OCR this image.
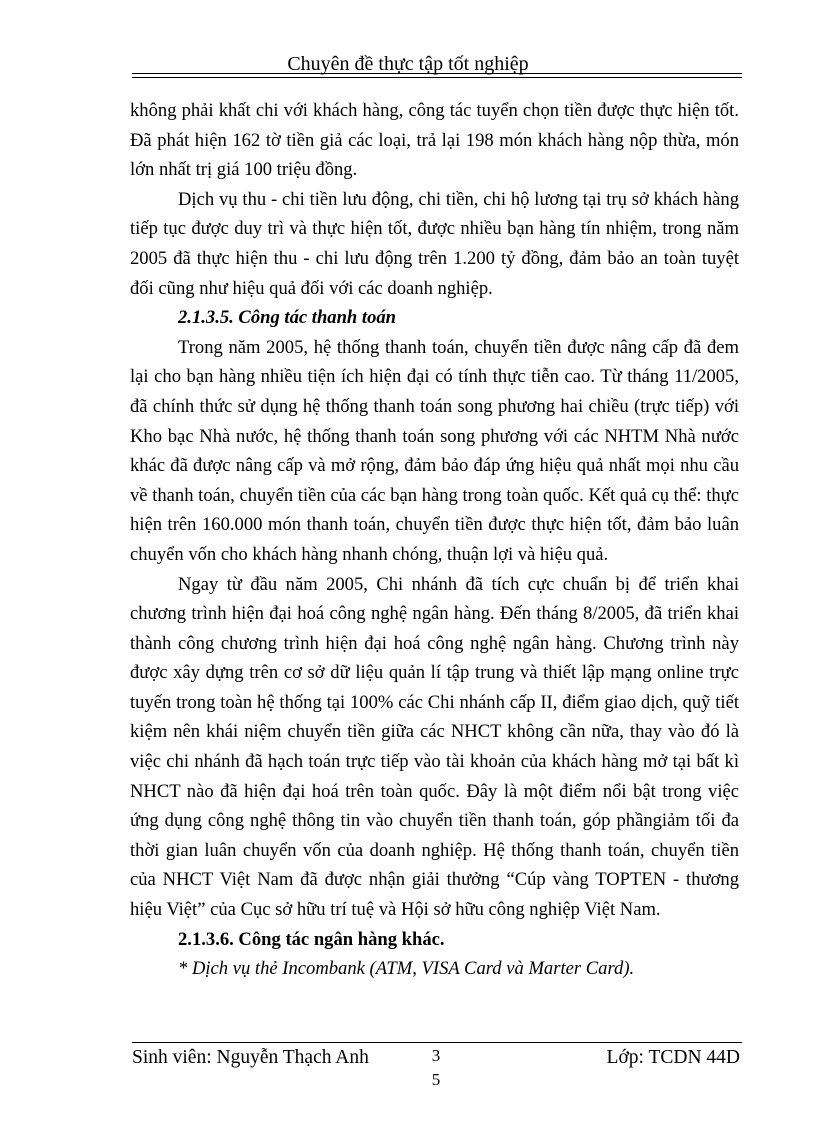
Chuyên đề thực tập tốt nghiệp

không phải khất chi với khách hàng, công tác tuyển chọn tiền được thực hiện tốt. Đã phát hiện 162 tờ tiền giả các loại, trả lại 198 món khách hàng nộp thừa, món lớn nhất trị giá 100 triệu đồng.

Dịch vụ thu - chi tiền lưu động, chi tiền, chi hộ lương tại trụ sở khách hàng tiếp tục được duy trì và thực hiện tốt, được nhiều bạn hàng tín nhiệm, trong năm 2005 đã thực hiện thu - chi lưu động trên 1.200 tỷ đồng, đảm bảo an toàn tuyệt đối cũng như hiệu quả đối với các doanh nghiệp.

2.1.3.5. Công tác thanh toán

Trong năm 2005, hệ thống thanh toán, chuyển tiền được nâng cấp đã đem lại cho bạn hàng nhiều tiện ích hiện đại có tính thực tiễn cao. Từ tháng 11/2005, đã chính thức sử dụng hệ thống thanh toán song phương hai chiều (trực tiếp) với Kho bạc Nhà nước, hệ thống thanh toán song phương với các NHTM Nhà nước khác đã được nâng cấp và mở rộng, đảm bảo đáp ứng hiệu quả nhất mọi nhu cầu về thanh toán, chuyển tiền của các bạn hàng trong toàn quốc. Kết quả cụ thể: thực hiện trên 160.000 món thanh toán, chuyển tiền được thực hiện tốt, đảm bảo luân chuyển vốn cho khách hàng nhanh chóng, thuận lợi và hiệu quả.

Ngay từ đầu năm 2005, Chi nhánh đã tích cực chuẩn bị để triển khai chương trình hiện đại hoá công nghệ ngân hàng. Đến tháng 8/2005, đã triển khai thành công chương trình hiện đại hoá công nghệ ngân hàng. Chương trình này được xây dựng trên cơ sở dữ liệu quản lí tập trung và thiết lập mạng online trực tuyến trong toàn hệ thống tại 100% các Chi nhánh cấp II, điểm giao dịch, quỹ tiết kiệm nên khái niệm chuyển tiền giữa các NHCT không cần nữa, thay vào đó là việc chi nhánh đã hạch toán trực tiếp vào tài khoản của khách hàng mở tại bất kì NHCT nào đã hiện đại hoá trên toàn quốc. Đây là một điểm nổi bật trong việc ứng dụng công nghệ thông tin vào chuyển tiền thanh toán, góp phầngiảm tối đa thời gian luân chuyển vốn của doanh nghiệp. Hệ thống thanh toán, chuyển tiền của NHCT Việt Nam đã được nhận giải thưởng “Cúp vàng TOPTEN - thương hiệu Việt” của Cục sở hữu trí tuệ và Hội sở hữu công nghiệp Việt Nam.

2.1.3.6. Công tác ngân hàng khác.

* Dịch vụ thẻ Incombank (ATM, VISA Card và Marter Card).

Sinh viên: Nguyễn Thạch Anh	3
5
Lớp: TCDN 44D
